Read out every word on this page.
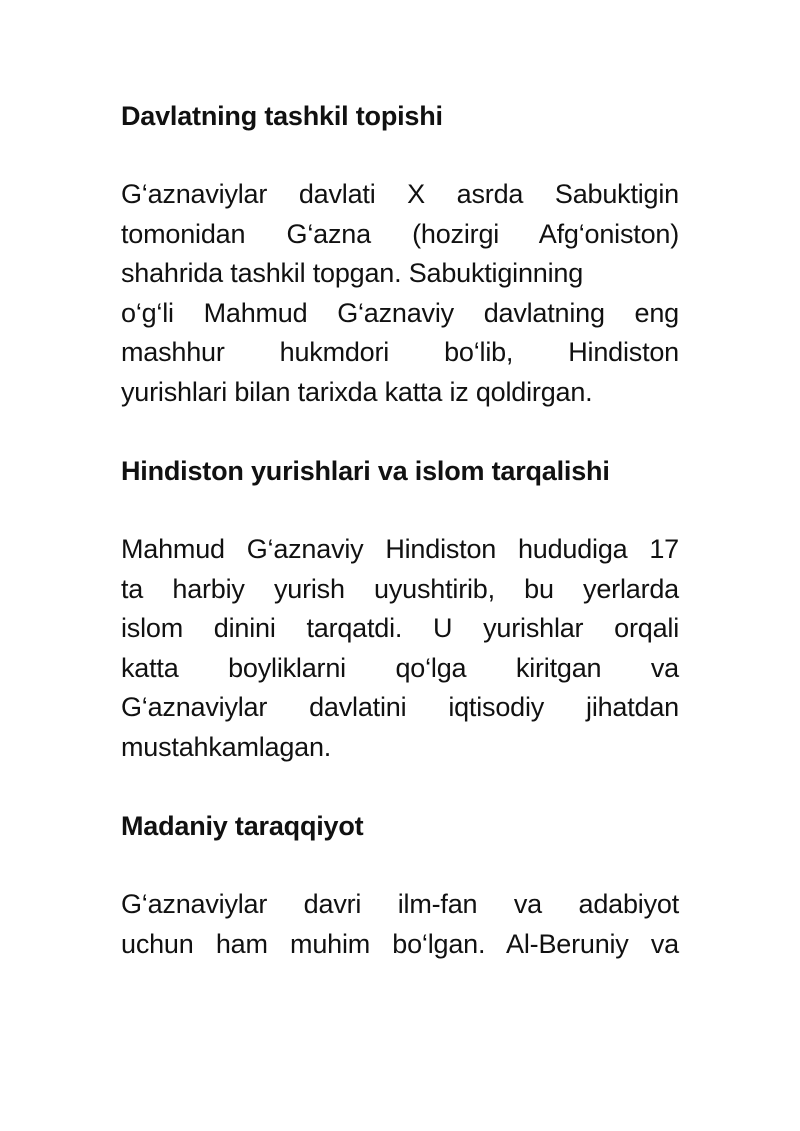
Davlatning tashkil topishi

G‘aznaviylar davlati X asrda Sabuktigin
tomonidan G‘azna (hozirgi Afg‘oniston)
shahrida tashkil topgan. Sabuktiginning
o‘g‘li Mahmud G‘aznaviy davlatning eng
mashhur hukmdori bo‘lib, Hindiston
yurishlari bilan tarixda katta iz qoldirgan.

Hindiston yurishlari va islom tarqalishi

Mahmud G‘aznaviy Hindiston hududiga 17
ta harbiy yurish uyushtirib, bu yerlarda
islom dinini tarqatdi. U yurishlar orqali
katta boyliklarni qo‘lga kiritgan va
G‘aznaviylar davlatini iqtisodiy jihatdan
mustahkamlagan.

Madaniy taraqqiyot

G‘aznaviylar davri ilm-fan va adabiyot
uchun ham muhim bo‘lgan. Al-Beruniy va
